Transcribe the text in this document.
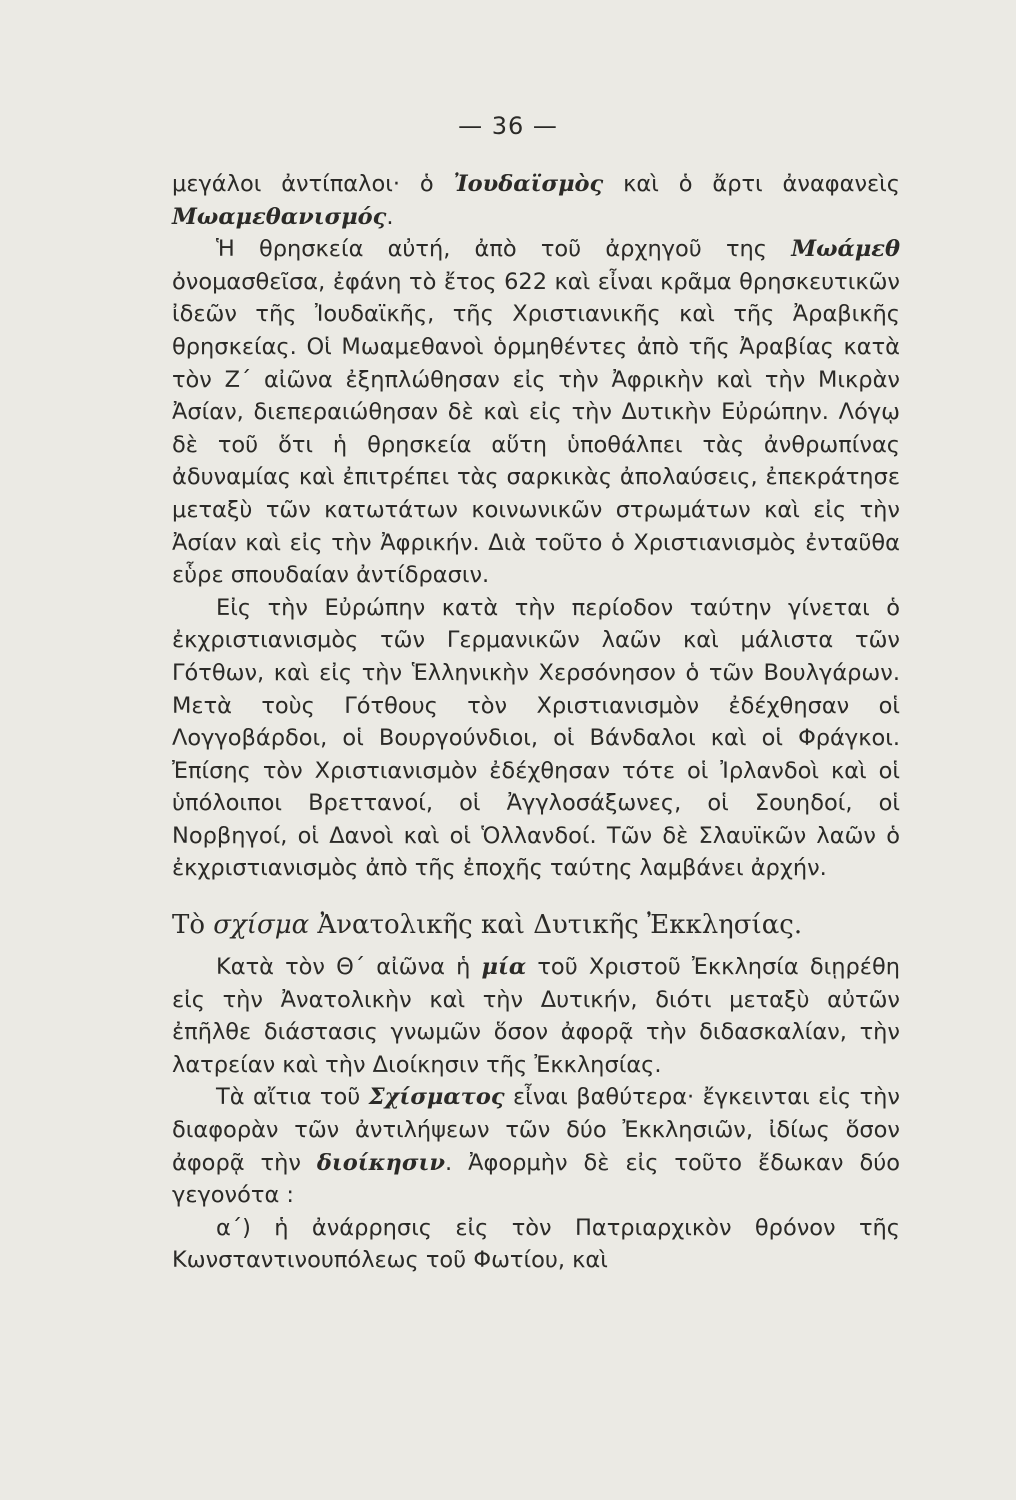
— 36 —

μεγάλοι ἀντίπαλοι· ὁ Ἰουδαϊσμὸς καὶ ὁ ἄρτι ἀναφανεὶς Μωαμεθανισμός.

Ἡ θρησκεία αὐτή, ἀπὸ τοῦ ἀρχηγοῦ της Μωάμεθ ὀνομασθεῖσα, ἐφάνη τὸ ἔτος 622 καὶ εἶναι κρᾶμα θρησκευτικῶν ἰδεῶν τῆς Ἰουδαϊκῆς, τῆς Χριστιανικῆς καὶ τῆς Ἀραβικῆς θρησκείας. Οἱ Μωαμεθανοὶ ὁρμηθέντες ἀπὸ τῆς Ἀραβίας κατὰ τὸν Ζ΄ αἰῶνα ἐξηπλώθησαν εἰς τὴν Ἀφρικὴν καὶ τὴν Μικρὰν Ἀσίαν, διεπεραιώθησαν δὲ καὶ εἰς τὴν Δυτικὴν Εὐρώπην. Λόγῳ δὲ τοῦ ὅτι ἡ θρησκεία αὕτη ὑποθάλπει τὰς ἀνθρωπίνας ἀδυναμίας καὶ ἐπιτρέπει τὰς σαρκικὰς ἀπολαύσεις, ἐπεκράτησε μεταξὺ τῶν κατωτάτων κοινωνικῶν στρωμάτων καὶ εἰς τὴν Ἀσίαν καὶ εἰς τὴν Ἀφρικήν. Διὰ τοῦτο ὁ Χριστιανισμὸς ἐνταῦθα εὗρε σπουδαίαν ἀντίδρασιν.

Εἰς τὴν Εὐρώπην κατὰ τὴν περίοδον ταύτην γίνεται ὁ ἐκχριστιανισμὸς τῶν Γερμανικῶν λαῶν καὶ μάλιστα τῶν Γότθων, καὶ εἰς τὴν Ἑλληνικὴν Χερσόνησον ὁ τῶν Βουλγάρων. Μετὰ τοὺς Γότθους τὸν Χριστιανισμὸν ἐδέχθησαν οἱ Λογγοβάρδοι, οἱ Βουργούνδιοι, οἱ Βάνδαλοι καὶ οἱ Φράγκοι. Ἐπίσης τὸν Χριστιανισμὸν ἐδέχθησαν τότε οἱ Ἰρλανδοὶ καὶ οἱ ὑπόλοιποι Βρεττανοί, οἱ Ἀγγλοσάξωνες, οἱ Σουηδοί, οἱ Νορβηγοί, οἱ Δανοὶ καὶ οἱ Ὁλλανδοί. Τῶν δὲ Σλαυϊκῶν λαῶν ὁ ἐκχριστιανισμὸς ἀπὸ τῆς ἐποχῆς ταύτης λαμβάνει ἀρχήν.

Τὸ σχίσμα Ἀνατολικῆς καὶ Δυτικῆς Ἐκκλησίας.

Κατὰ τὸν Θ΄ αἰῶνα ἡ μία τοῦ Χριστοῦ Ἐκκλησία διῃρέθη εἰς τὴν Ἀνατολικὴν καὶ τὴν Δυτικήν, διότι μεταξὺ αὐτῶν ἐπῆλθε διάστασις γνωμῶν ὅσον ἀφορᾷ τὴν διδασκαλίαν, τὴν λατρείαν καὶ τὴν Διοίκησιν τῆς Ἐκκλησίας.

Τὰ αἴτια τοῦ Σχίσματος εἶναι βαθύτερα· ἔγκεινται εἰς τὴν διαφορὰν τῶν ἀντιλήψεων τῶν δύο Ἐκκλησιῶν, ἰδίως ὅσον ἀφορᾷ τὴν διοίκησιν. Ἀφορμὴν δὲ εἰς τοῦτο ἔδωκαν δύο γεγονότα :

α΄) ἡ ἀνάρρησις εἰς τὸν Πατριαρχικὸν θρόνον τῆς Κωνσταντινουπόλεως τοῦ Φωτίου, καὶ
